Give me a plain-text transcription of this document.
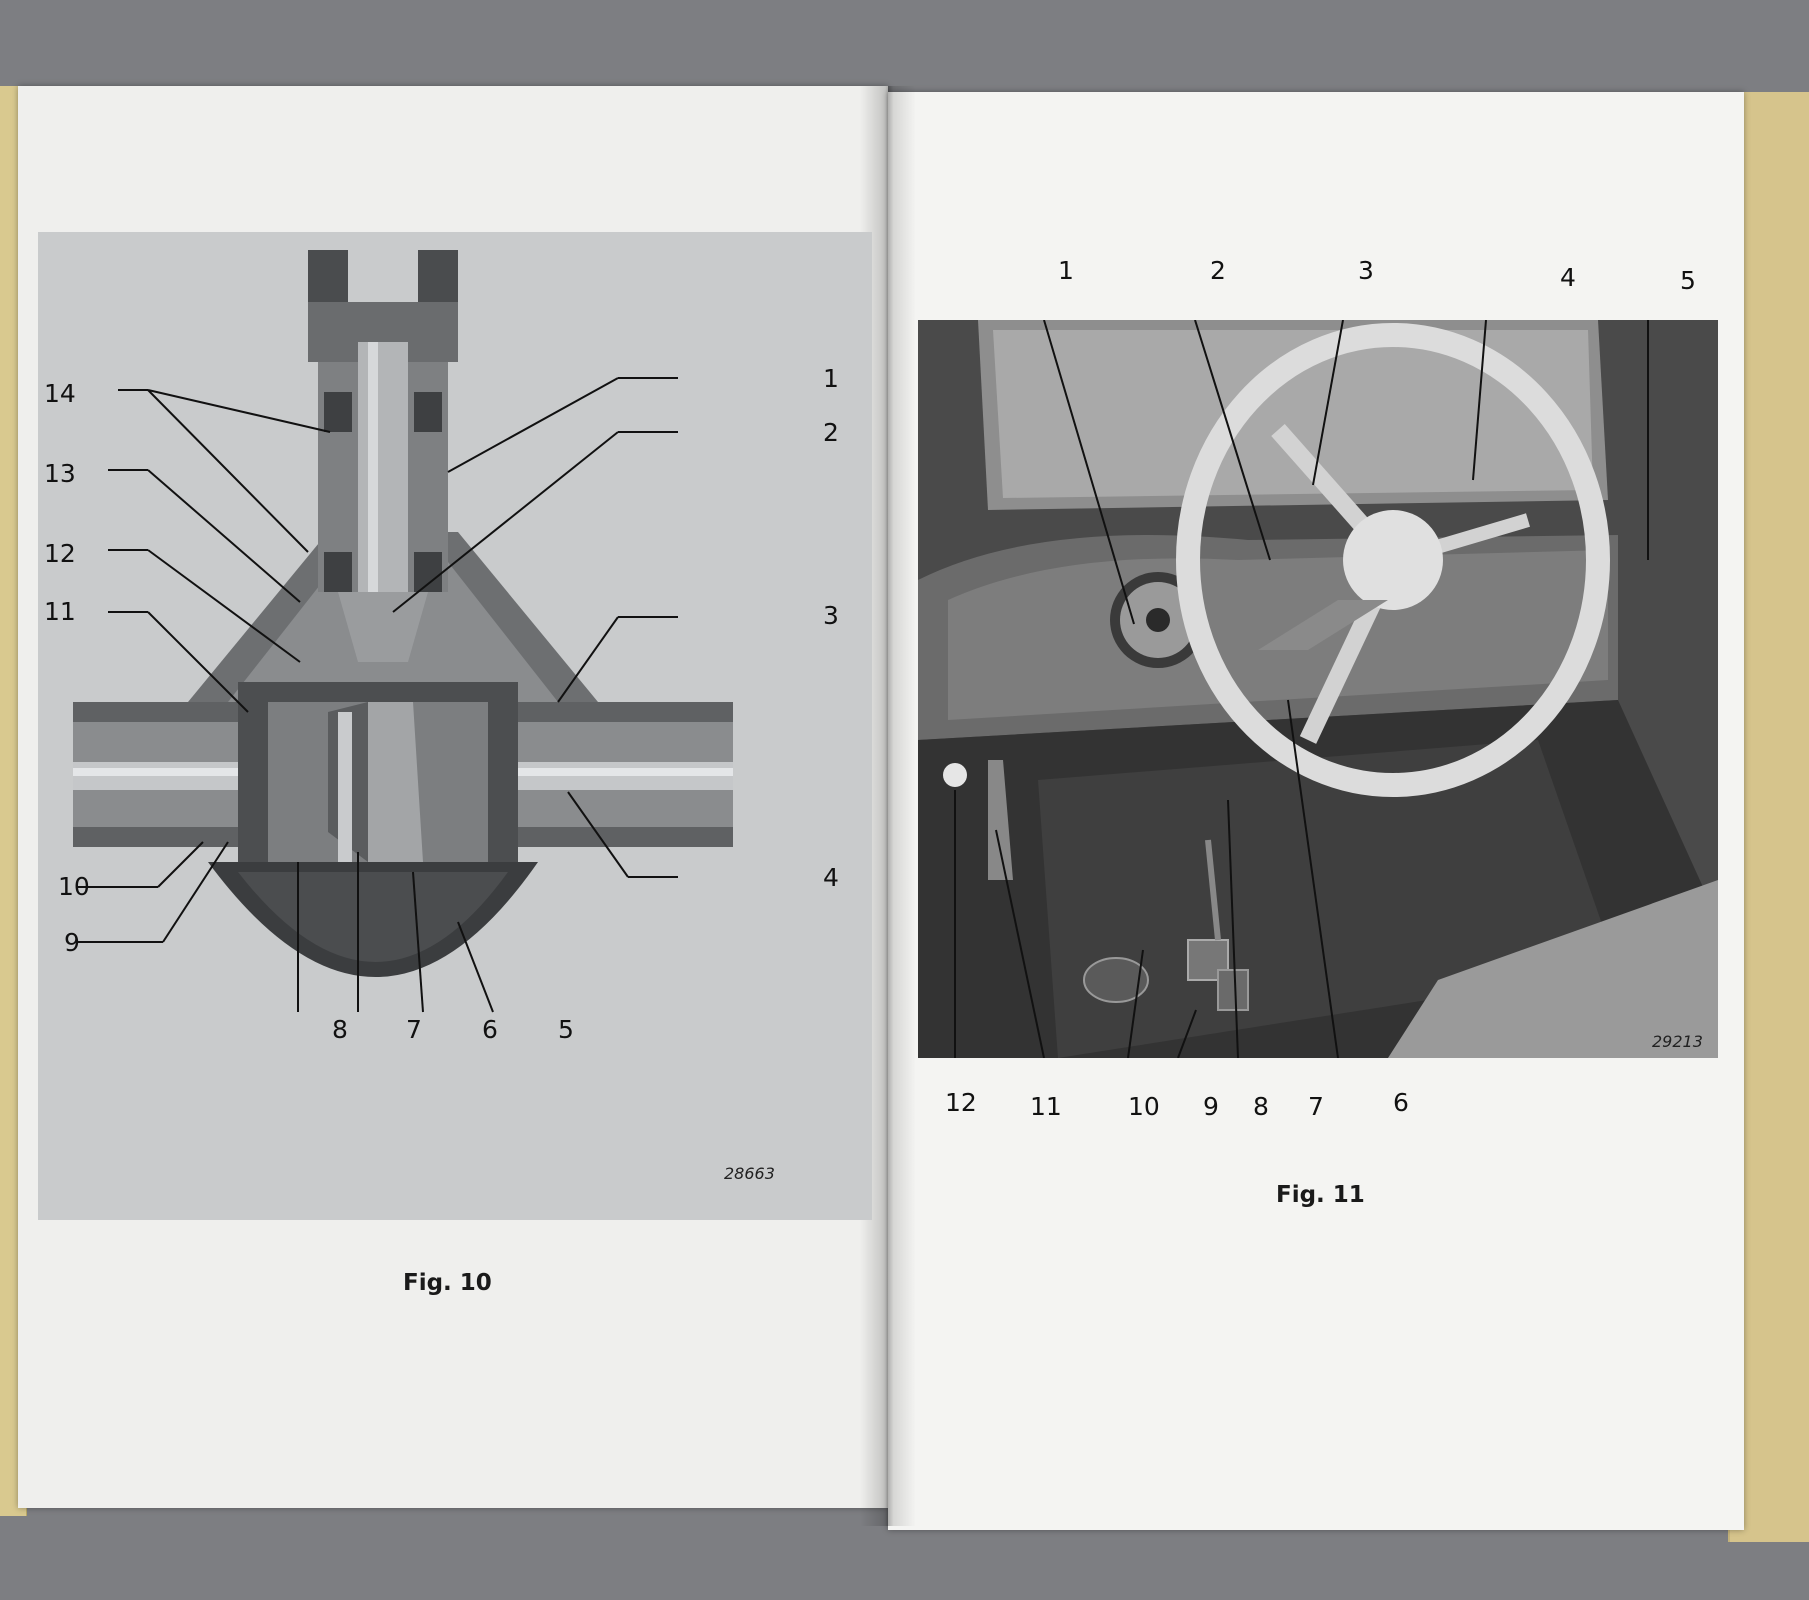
1
2
3
4
5
6
7
8
9
10
11
12
13
14
28663
Fig. 10
1	2	3	4	5
6
7
8
9
10
11
12
29213
Fig. 11
